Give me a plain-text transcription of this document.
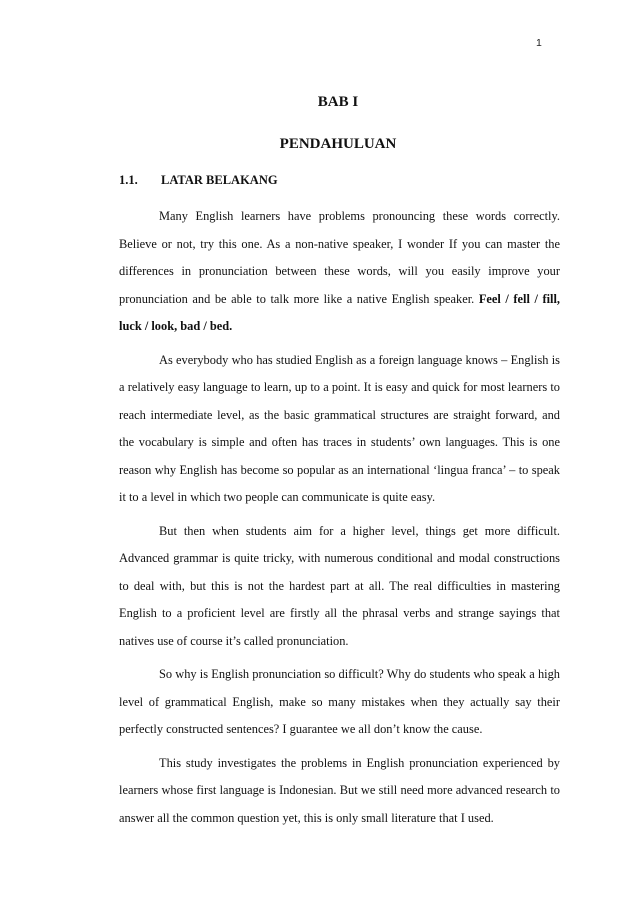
1
BAB I
PENDAHULUAN
1.1. LATAR BELAKANG

Many English learners have problems pronouncing these words correctly. Believe or not, try this one. As a non-native speaker, I wonder If you can master the differences in pronunciation between these words, will you easily improve your pronunciation and be able to talk more like a native English speaker. Feel / fell / fill, luck / look, bad / bed.

As everybody who has studied English as a foreign language knows – English is a relatively easy language to learn, up to a point. It is easy and quick for most learners to reach intermediate level, as the basic grammatical structures are straight forward, and the vocabulary is simple and often has traces in students’ own languages. This is one reason why English has become so popular as an international ‘lingua franca’ – to speak it to a level in which two people can communicate is quite easy.

But then when students aim for a higher level, things get more difficult. Advanced grammar is quite tricky, with numerous conditional and modal constructions to deal with, but this is not the hardest part at all. The real difficulties in mastering English to a proficient level are firstly all the phrasal verbs and strange sayings that natives use of course it’s called pronunciation.

So why is English pronunciation so difficult? Why do students who speak a high level of grammatical English, make so many mistakes when they actually say their perfectly constructed sentences? I guarantee we all don’t know the cause.

This study investigates the problems in English pronunciation experienced by learners whose first language is Indonesian. But we still need more advanced research to answer all the common question yet, this is only small literature that I used.
